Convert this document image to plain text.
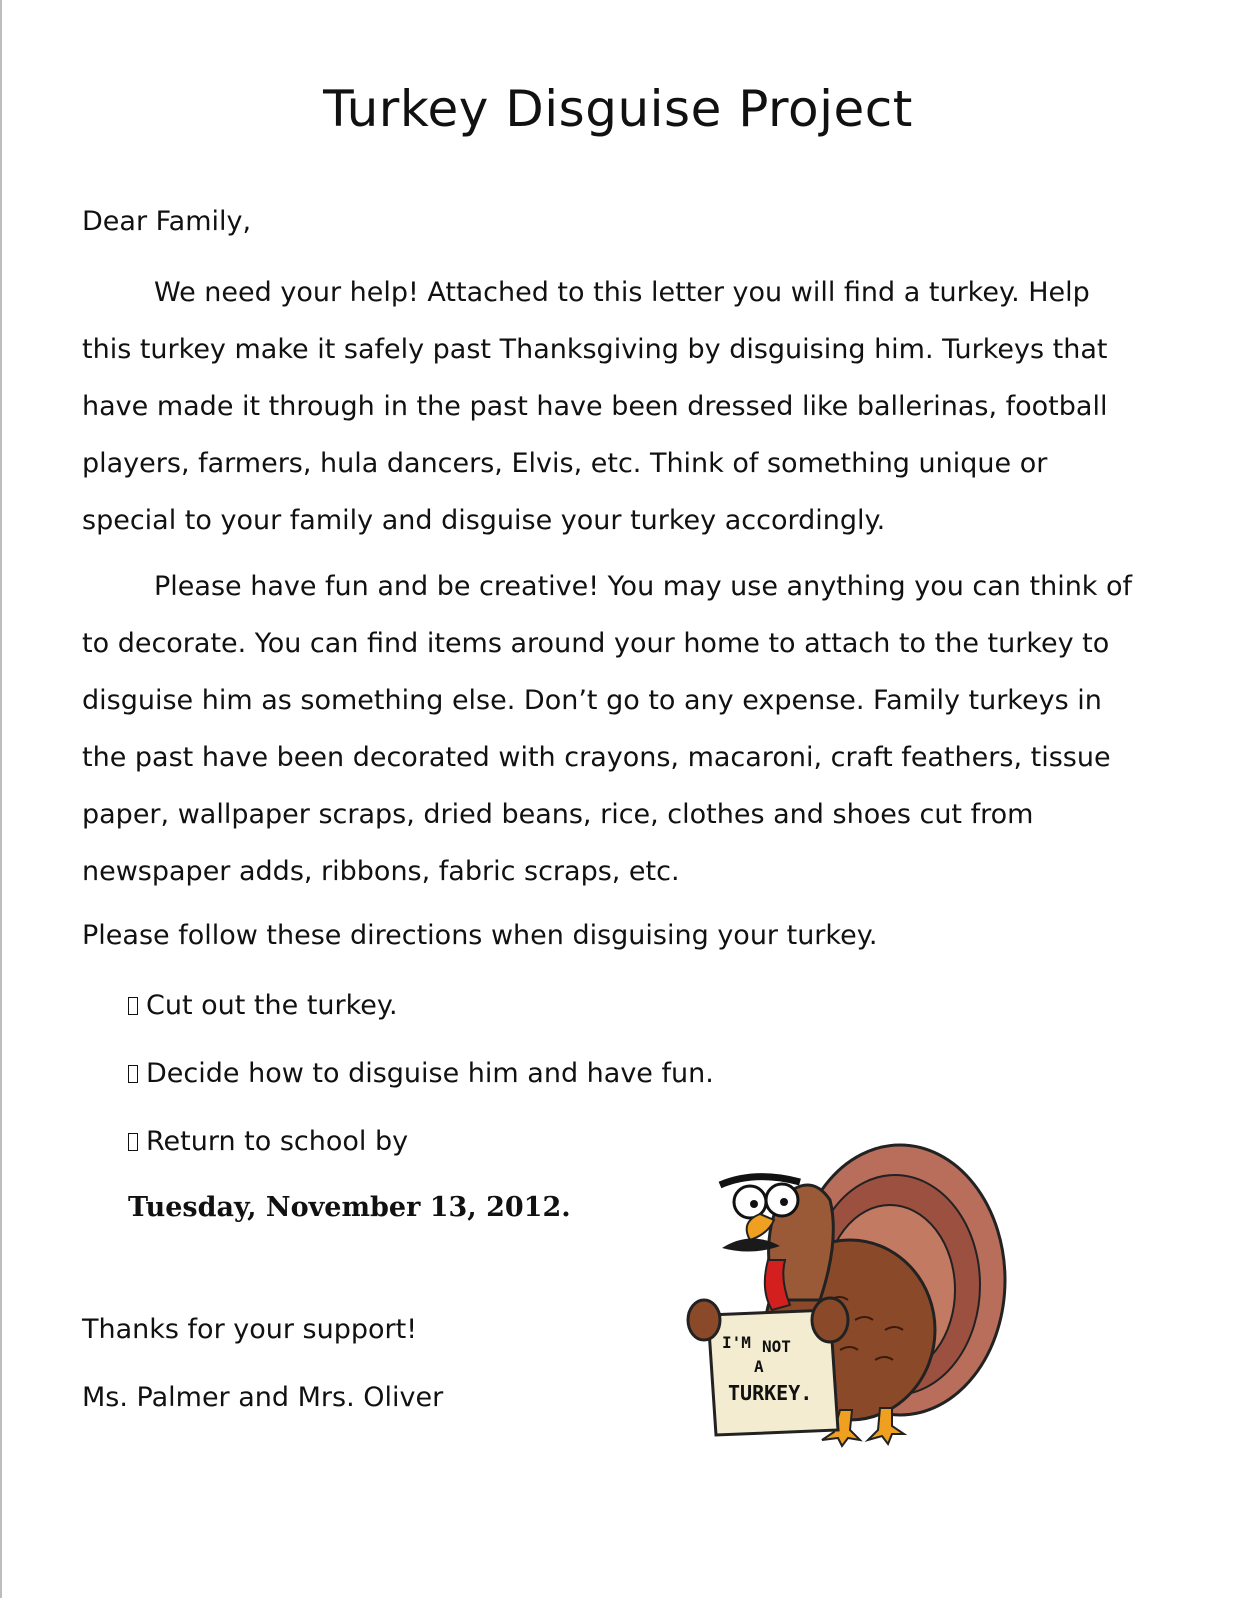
Turkey Disguise Project

Dear Family,

We need your help! Attached to this letter you will find a turkey. Help this turkey make it safely past Thanksgiving by disguising him. Turkeys that have made it through in the past have been dressed like ballerinas, football players, farmers, hula dancers, Elvis, etc. Think of something unique or special to your family and disguise your turkey accordingly.

Please have fun and be creative! You may use anything you can think of to decorate. You can find items around your home to attach to the turkey to disguise him as something else. Don’t go to any expense. Family turkeys in the past have been decorated with crayons, macaroni, craft feathers, tissue paper, wallpaper scraps, dried beans, rice, clothes and shoes cut from newspaper adds, ribbons, fabric scraps, etc.

Please follow these directions when disguising your turkey.

Cut out the turkey.
Decide how to disguise him and have fun.
Return to school by

Tuesday, November 13, 2012.

Thanks for your support!

Ms. Palmer and Mrs. Oliver

I'M NOT
A
TURKEY.
